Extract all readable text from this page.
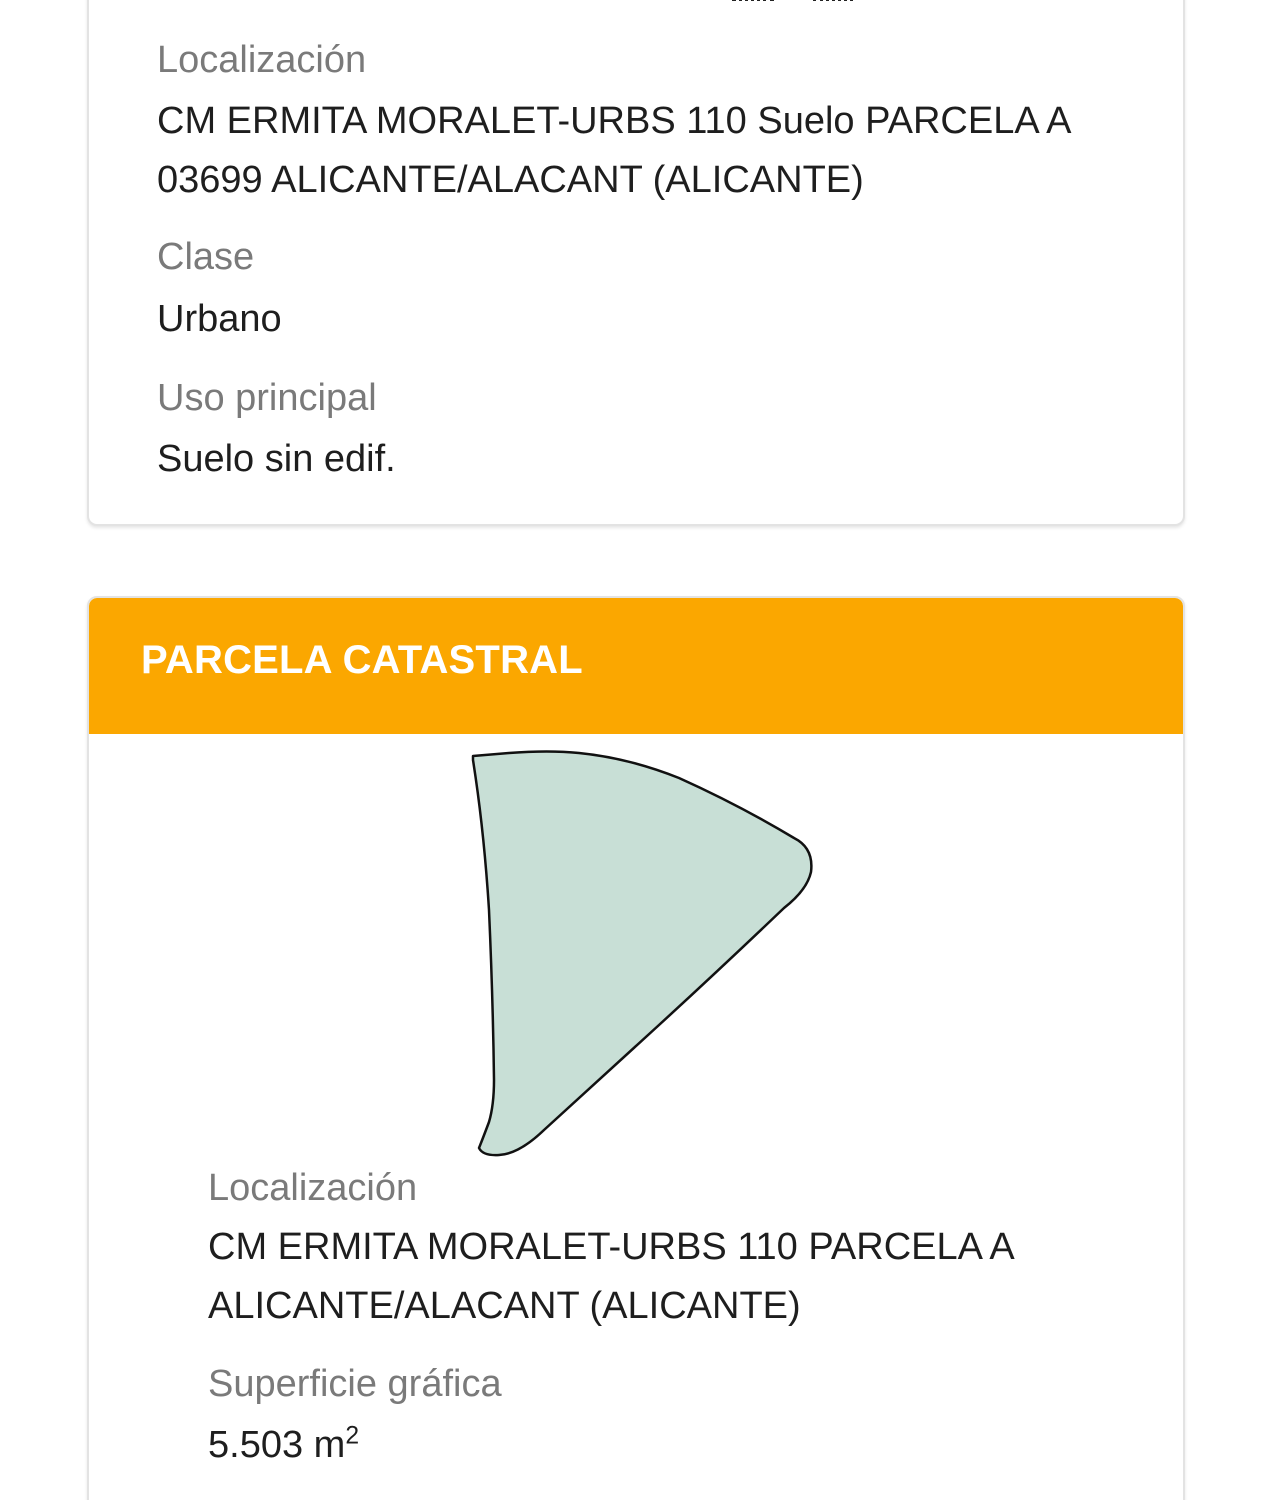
Localización
CM ERMITA MORALET-URBS 110 Suelo PARCELA A
03699 ALICANTE/ALACANT (ALICANTE)
Clase
Urbano
Uso principal
Suelo sin edif.
PARCELA CATASTRAL
Localización
CM ERMITA MORALET-URBS 110 PARCELA A
ALICANTE/ALACANT (ALICANTE)
Superficie gráfica
5.503 $m^2$
